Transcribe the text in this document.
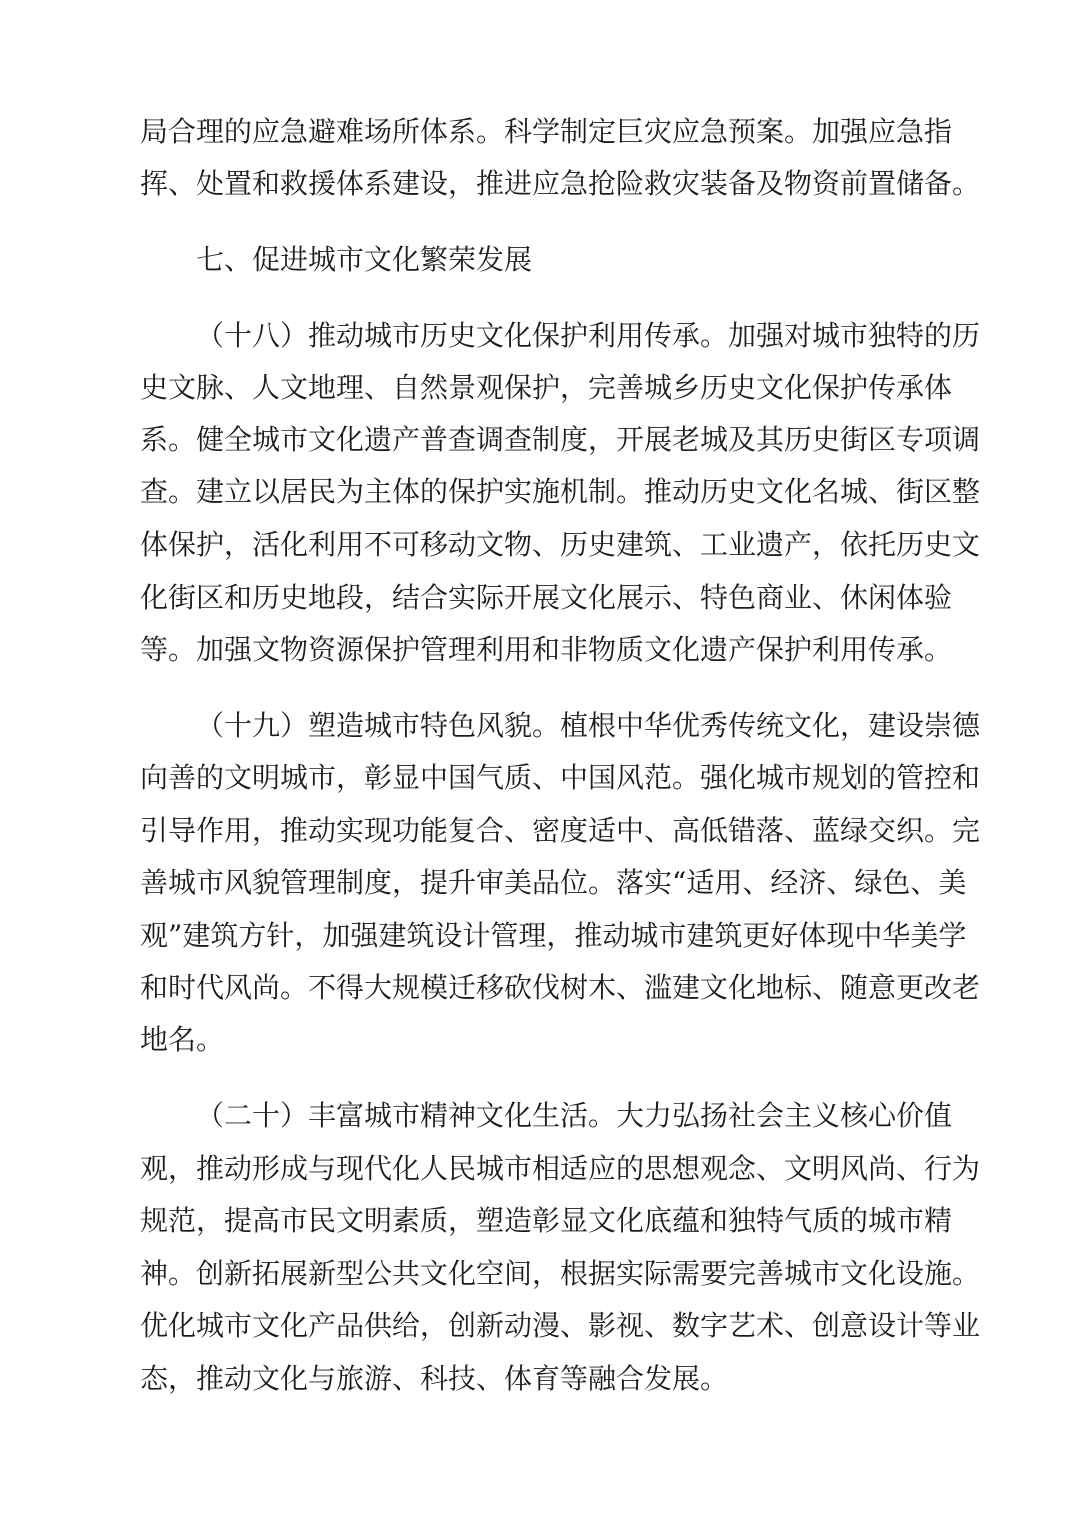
局合理的应急避难场所体系。科学制定巨灾应急预案。加强应急指
挥、处置和救援体系建设，推进应急抢险救灾装备及物资前置储备。
七、促进城市文化繁荣发展
（十八）推动城市历史文化保护利用传承。加强对城市独特的历
史文脉、人文地理、自然景观保护，完善城乡历史文化保护传承体
系。健全城市文化遗产普查调查制度，开展老城及其历史街区专项调
查。建立以居民为主体的保护实施机制。推动历史文化名城、街区整
体保护，活化利用不可移动文物、历史建筑、工业遗产，依托历史文
化街区和历史地段，结合实际开展文化展示、特色商业、休闲体验
等。加强文物资源保护管理利用和非物质文化遗产保护利用传承。
（十九）塑造城市特色风貌。植根中华优秀传统文化，建设崇德
向善的文明城市，彰显中国气质、中国风范。强化城市规划的管控和
引导作用，推动实现功能复合、密度适中、高低错落、蓝绿交织。完
善城市风貌管理制度，提升审美品位。落实“适用、经济、绿色、美
观”建筑方针，加强建筑设计管理，推动城市建筑更好体现中华美学
和时代风尚。不得大规模迁移砍伐树木、滥建文化地标、随意更改老
地名。
（二十）丰富城市精神文化生活。大力弘扬社会主义核心价值
观，推动形成与现代化人民城市相适应的思想观念、文明风尚、行为
规范，提高市民文明素质，塑造彰显文化底蕴和独特气质的城市精
神。创新拓展新型公共文化空间，根据实际需要完善城市文化设施。
优化城市文化产品供给，创新动漫、影视、数字艺术、创意设计等业
态，推动文化与旅游、科技、体育等融合发展。
